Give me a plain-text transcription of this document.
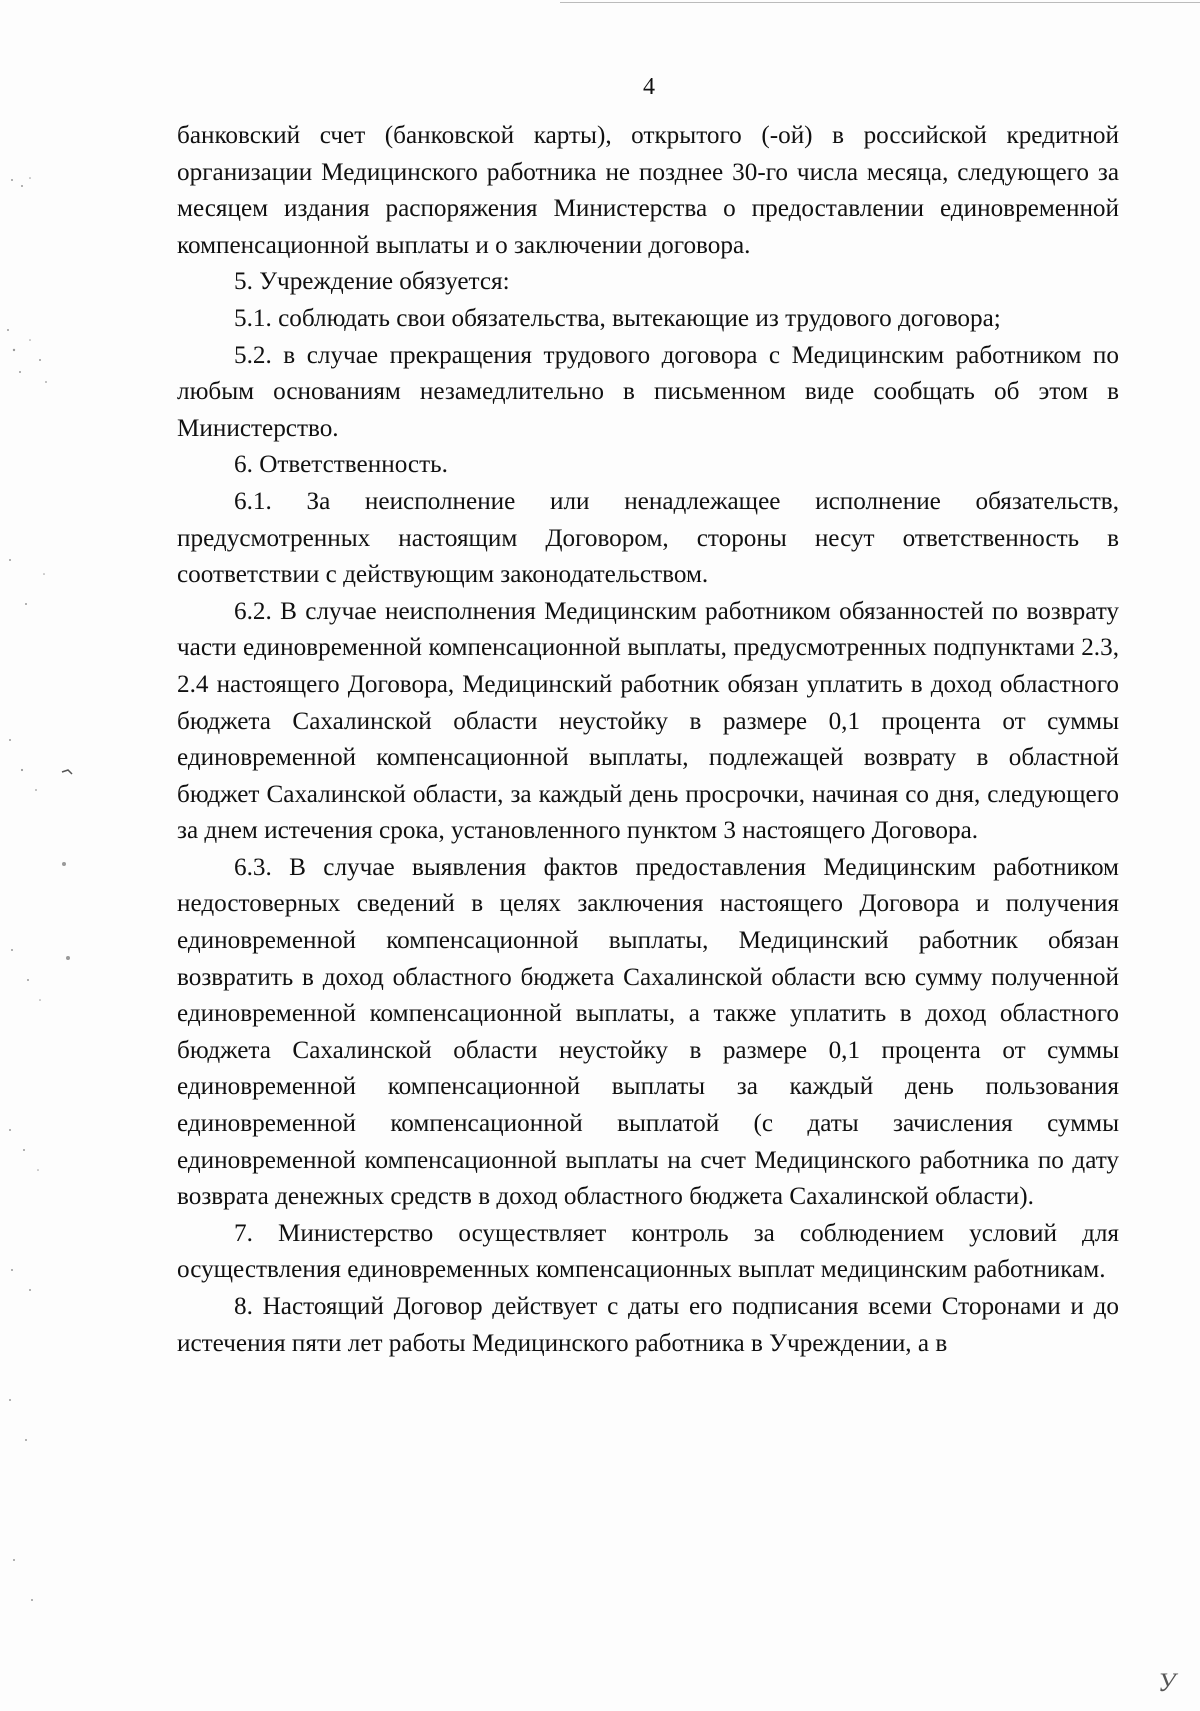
4

банковский счет (банковской карты), открытого (-ой) в российской кредитной организации Медицинского работника не позднее 30-го числа месяца, следующего за месяцем издания распоряжения Министерства о предоставлении единовременной компенсационной выплаты и о заключении договора.

5. Учреждение обязуется:

5.1. соблюдать свои обязательства, вытекающие из трудового договора;

5.2. в случае прекращения трудового договора с Медицинским работником по любым основаниям незамедлительно в письменном виде сообщать об этом в Министерство.

6. Ответственность.

6.1. За неисполнение или ненадлежащее исполнение обязательств, предусмотренных настоящим Договором, стороны несут ответственность в соответствии с действующим законодательством.

6.2. В случае неисполнения Медицинским работником обязанностей по возврату части единовременной компенсационной выплаты, предусмотренных подпунктами 2.3, 2.4 настоящего Договора, Медицинский работник обязан уплатить в доход областного бюджета Сахалинской области неустойку в размере 0,1 процента от суммы единовременной компенсационной выплаты, подлежащей возврату в областной бюджет Сахалинской области, за каждый день просрочки, начиная со дня, следующего за днем истечения срока, установленного пунктом 3 настоящего Договора.

6.3. В случае выявления фактов предоставления Медицинским работником недостоверных сведений в целях заключения настоящего Договора и получения единовременной компенсационной выплаты, Медицинский работник обязан возвратить в доход областного бюджета Сахалинской области всю сумму полученной единовременной компенсационной выплаты, а также уплатить в доход областного бюджета Сахалинской области неустойку в размере 0,1 процента от суммы единовременной компенсационной выплаты за каждый день пользования единовременной компенсационной выплатой (с даты зачисления суммы единовременной компенсационной выплаты на счет Медицинского работника по дату возврата денежных средств в доход областного бюджета Сахалинской области).

7. Министерство осуществляет контроль за соблюдением условий для осуществления единовременных компенсационных выплат медицинским работникам.

8. Настоящий Договор действует с даты его подписания всеми Сторонами и до истечения пяти лет работы Медицинского работника в Учреждении, а в

У
